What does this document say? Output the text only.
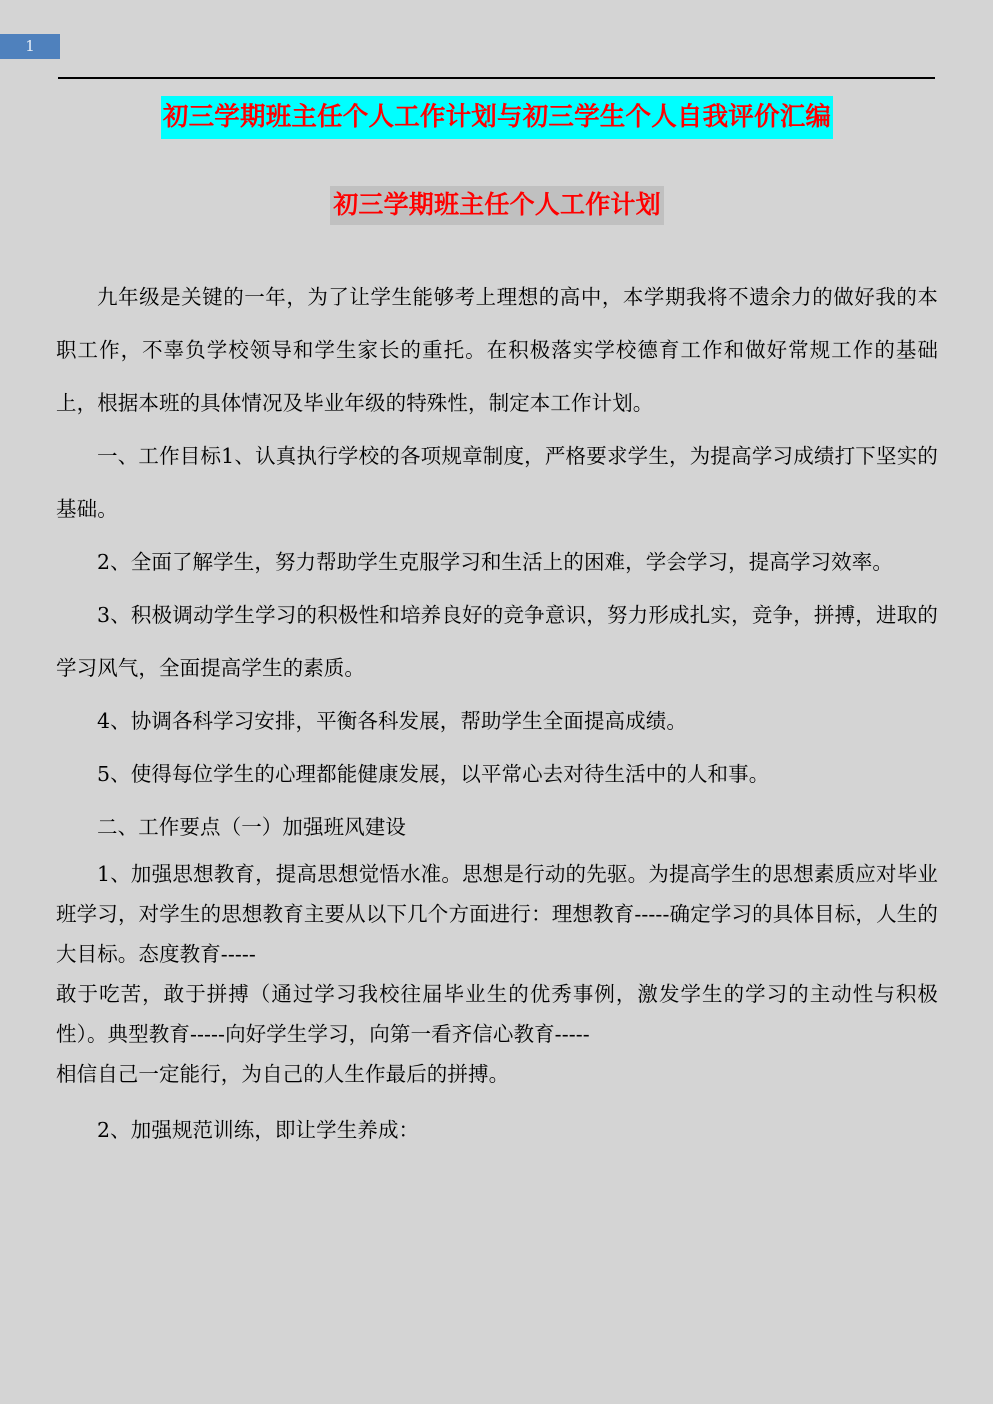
1
初三学期班主任个人工作计划与初三学生个人自我评价汇编
初三学期班主任个人工作计划

九年级是关键的一年，为了让学生能够考上理想的高中，本学期我将不遗余力的做好我的本职工作，不辜负学校领导和学生家长的重托。在积极落实学校德育工作和做好常规工作的基础上，根据本班的具体情况及毕业年级的特殊性，制定本工作计划。

一、工作目标1、认真执行学校的各项规章制度，严格要求学生，为提高学习成绩打下坚实的基础。

2、全面了解学生，努力帮助学生克服学习和生活上的困难，学会学习，提高学习效率。

3、积极调动学生学习的积极性和培养良好的竞争意识，努力形成扎实，竞争，拼搏，进取的学习风气，全面提高学生的素质。

4、协调各科学习安排，平衡各科发展，帮助学生全面提高成绩。

5、使得每位学生的心理都能健康发展，以平常心去对待生活中的人和事。

二、工作要点（一）加强班风建设

1、加强思想教育，提高思想觉悟水准。思想是行动的先驱。为提高学生的思想素质应对毕业班学习，对学生的思想教育主要从以下几个方面进行：理想教育-----确定学习的具体目标，人生的大目标。态度教育-----

敢于吃苦，敢于拼搏（通过学习我校往届毕业生的优秀事例，激发学生的学习的主动性与积极性）。典型教育-----向好学生学习，向第一看齐信心教育-----

相信自己一定能行，为自己的人生作最后的拼搏。

2、加强规范训练，即让学生养成：
